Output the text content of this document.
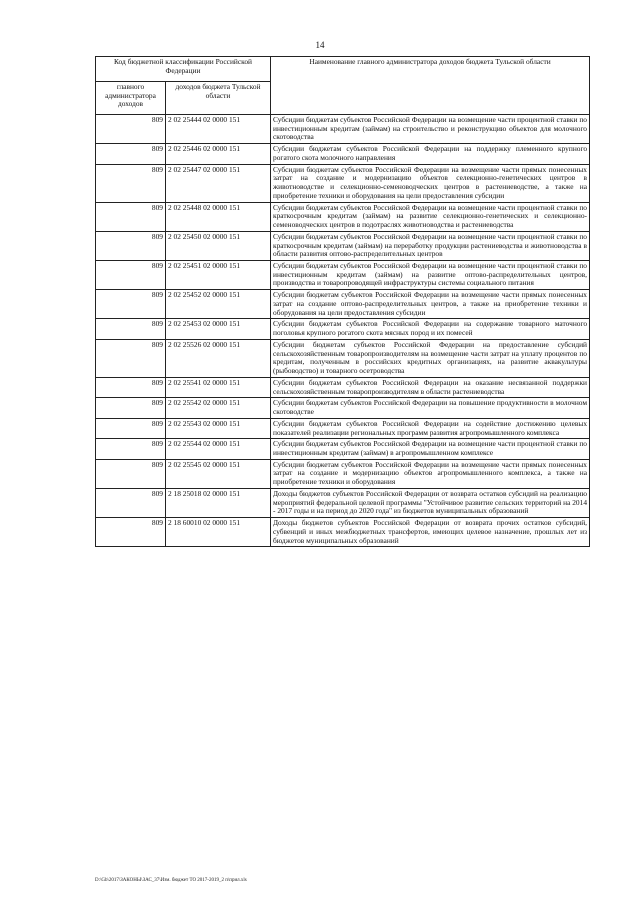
14
Код бюджетной классификации Российской Федерации		Наименование главного администратора доходов бюджета Тульской области
главного администратора доходов	доходов бюджета Тульской области	
809	2 02 25444 02 0000 151	Субсидии бюджетам субъектов Российской Федерации на возмещение части процентной ставки по инвестиционным кредитам (займам) на строительство и реконструкцию объектов для молочного скотоводства
809	2 02 25446 02 0000 151	Субсидии бюджетам субъектов Российской Федерации на поддержку племенного крупного рогатого скота молочного направления
809	2 02 25447 02 0000 151	Субсидии бюджетам субъектов Российской Федерации на возмещение части прямых понесенных затрат на создание и модернизацию объектов селекционно-генетических центров в животноводстве и селекционно-семеноводческих центров в растениеводстве, а также на приобретение техники и оборудования на цели предоставления субсидии
809	2 02 25448 02 0000 151	Субсидии бюджетам субъектов Российской Федерации на возмещение части процентной ставки по краткосрочным кредитам (займам) на развитие селекционно-генетических и селекционно-семеноводческих центров в подотраслях животноводства и растениеводства
809	2 02 25450 02 0000 151	Субсидии бюджетам субъектов Российской Федерации на возмещение части процентной ставки по краткосрочным кредитам (займам) на переработку продукции растениеводства и животноводства в области развития оптово-распределительных центров
809	2 02 25451 02 0000 151	Субсидии бюджетам субъектов Российской Федерации на возмещение части процентной ставки по инвестиционным кредитам (займам) на развитие оптово-распределительных центров, производства и товаропроводящей инфраструктуры системы социального питания
809	2 02 25452 02 0000 151	Субсидии бюджетам субъектов Российской Федерации на возмещение части прямых понесенных затрат на создание оптово-распределительных центров, а также на приобретение техники и оборудования на цели предоставления субсидии
809	2 02 25453 02 0000 151	Субсидии бюджетам субъектов Российской Федерации на содержание товарного маточного поголовья крупного рогатого скота мясных пород и их помесей
809	2 02 25526 02 0000 151	Субсидии бюджетам субъектов Российской Федерации на предоставление субсидий сельскохозяйственным товаропроизводителям на возмещение части затрат на уплату процентов по кредитам, полученным в российских кредитных организациях, на развитие аквакультуры (рыбоводство) и товарного осетроводства
809	2 02 25541 02 0000 151	Субсидии бюджетам субъектов Российской Федерации на оказание несвязанной поддержки сельскохозяйственным товаропроизводителям в области растениеводства
809	2 02 25542 02 0000 151	Субсидии бюджетам субъектов Российской Федерации на повышение продуктивности в молочном скотоводстве
809	2 02 25543 02 0000 151	Субсидии бюджетам субъектов Российской Федерации на содействие достижению целевых показателей реализации региональных программ развития агропромышленного комплекса
809	2 02 25544 02 0000 151	Субсидии бюджетам субъектов Российской Федерации на возмещение части процентной ставки по инвестиционным кредитам (займам) в агропромышленном комплексе
809	2 02 25545 02 0000 151	Субсидии бюджетам субъектов Российской Федерации на возмещение части прямых понесенных затрат на создание и модернизацию объектов агропромышленного комплекса, а также на приобретение техники и оборудования
809	2 18 25018 02 0000 151	Доходы бюджетов субъектов Российской Федерации от возврата остатков субсидий на реализацию мероприятий федеральной целевой программы "Устойчивое развитие сельских территорий на 2014 - 2017 годы и на период до 2020 года" из бюджетов муниципальных образований
809	2 18 60010 02 0000 151	Доходы бюджетов субъектов Российской Федерации от возврата прочих остатков субсидий, субвенций и иных межбюджетных трансфертов, имеющих целевое назначение, прошлых лет из бюджетов муниципальных образований
D:\Gb\2017\ЗАКОНЫ\ЗАС_37\Изм. бюджет ТО 2017-2019_2 п\прил.xls
